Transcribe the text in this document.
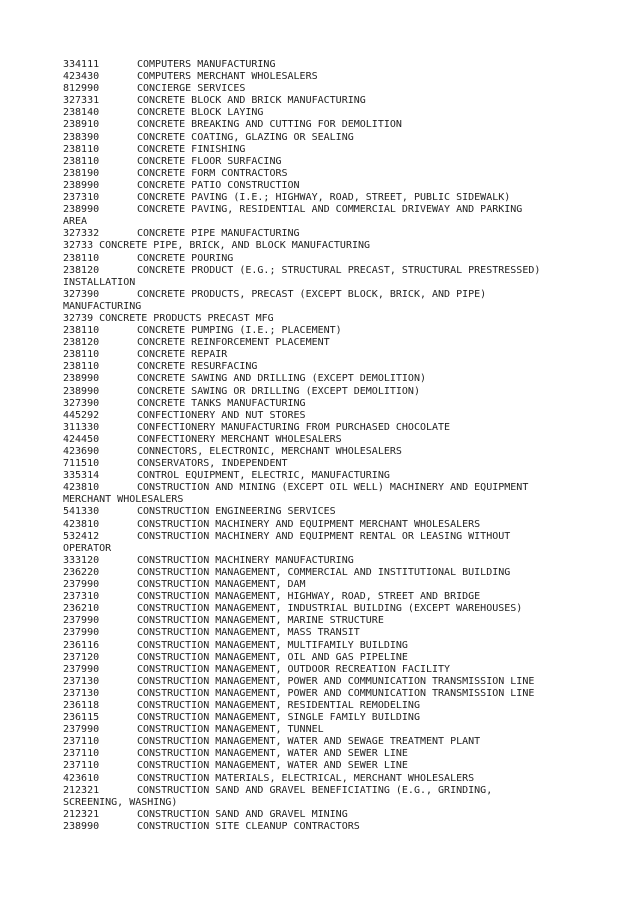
334111	COMPUTERS MANUFACTURING
423430	COMPUTERS MERCHANT WHOLESALERS
812990	CONCIERGE SERVICES
327331	CONCRETE BLOCK AND BRICK MANUFACTURING
238140	CONCRETE BLOCK LAYING
238910	CONCRETE BREAKING AND CUTTING FOR DEMOLITION
238390	CONCRETE COATING, GLAZING OR SEALING
238110	CONCRETE FINISHING
238110	CONCRETE FLOOR SURFACING
238190	CONCRETE FORM CONTRACTORS
238990	CONCRETE PATIO CONSTRUCTION
237310	CONCRETE PAVING (I.E.; HIGHWAY, ROAD, STREET, PUBLIC SIDEWALK)
238990	CONCRETE PAVING, RESIDENTIAL AND COMMERCIAL DRIVEWAY AND PARKING
AREA
327332	CONCRETE PIPE MANUFACTURING
32733 CONCRETE PIPE, BRICK, AND BLOCK MANUFACTURING
238110	CONCRETE POURING
238120	CONCRETE PRODUCT (E.G.; STRUCTURAL PRECAST, STRUCTURAL PRESTRESSED)
INSTALLATION
327390	CONCRETE PRODUCTS, PRECAST (EXCEPT BLOCK, BRICK, AND PIPE)
MANUFACTURING
32739 CONCRETE PRODUCTS PRECAST MFG
238110	CONCRETE PUMPING (I.E.; PLACEMENT)
238120	CONCRETE REINFORCEMENT PLACEMENT
238110	CONCRETE REPAIR
238110	CONCRETE RESURFACING
238990	CONCRETE SAWING AND DRILLING (EXCEPT DEMOLITION)
238990	CONCRETE SAWING OR DRILLING (EXCEPT DEMOLITION)
327390	CONCRETE TANKS MANUFACTURING
445292	CONFECTIONERY AND NUT STORES
311330	CONFECTIONERY MANUFACTURING FROM PURCHASED CHOCOLATE
424450	CONFECTIONERY MERCHANT WHOLESALERS
423690	CONNECTORS, ELECTRONIC, MERCHANT WHOLESALERS
711510	CONSERVATORS, INDEPENDENT
335314	CONTROL EQUIPMENT, ELECTRIC, MANUFACTURING
423810	CONSTRUCTION AND MINING (EXCEPT OIL WELL) MACHINERY AND EQUIPMENT
MERCHANT WHOLESALERS
541330	CONSTRUCTION ENGINEERING SERVICES
423810	CONSTRUCTION MACHINERY AND EQUIPMENT MERCHANT WHOLESALERS
532412	CONSTRUCTION MACHINERY AND EQUIPMENT RENTAL OR LEASING WITHOUT
OPERATOR
333120	CONSTRUCTION MACHINERY MANUFACTURING
236220	CONSTRUCTION MANAGEMENT, COMMERCIAL AND INSTITUTIONAL BUILDING
237990	CONSTRUCTION MANAGEMENT, DAM
237310	CONSTRUCTION MANAGEMENT, HIGHWAY, ROAD, STREET AND BRIDGE
236210	CONSTRUCTION MANAGEMENT, INDUSTRIAL BUILDING (EXCEPT WAREHOUSES)
237990	CONSTRUCTION MANAGEMENT, MARINE STRUCTURE
237990	CONSTRUCTION MANAGEMENT, MASS TRANSIT
236116	CONSTRUCTION MANAGEMENT, MULTIFAMILY BUILDING
237120	CONSTRUCTION MANAGEMENT, OIL AND GAS PIPELINE
237990	CONSTRUCTION MANAGEMENT, OUTDOOR RECREATION FACILITY
237130	CONSTRUCTION MANAGEMENT, POWER AND COMMUNICATION TRANSMISSION LINE
237130	CONSTRUCTION MANAGEMENT, POWER AND COMMUNICATION TRANSMISSION LINE
236118	CONSTRUCTION MANAGEMENT, RESIDENTIAL REMODELING
236115	CONSTRUCTION MANAGEMENT, SINGLE FAMILY BUILDING
237990	CONSTRUCTION MANAGEMENT, TUNNEL
237110	CONSTRUCTION MANAGEMENT, WATER AND SEWAGE TREATMENT PLANT
237110	CONSTRUCTION MANAGEMENT, WATER AND SEWER LINE
237110	CONSTRUCTION MANAGEMENT, WATER AND SEWER LINE
423610	CONSTRUCTION MATERIALS, ELECTRICAL, MERCHANT WHOLESALERS
212321	CONSTRUCTION SAND AND GRAVEL BENEFICIATING (E.G., GRINDING,
SCREENING, WASHING)
212321	CONSTRUCTION SAND AND GRAVEL MINING
238990	CONSTRUCTION SITE CLEANUP CONTRACTORS
